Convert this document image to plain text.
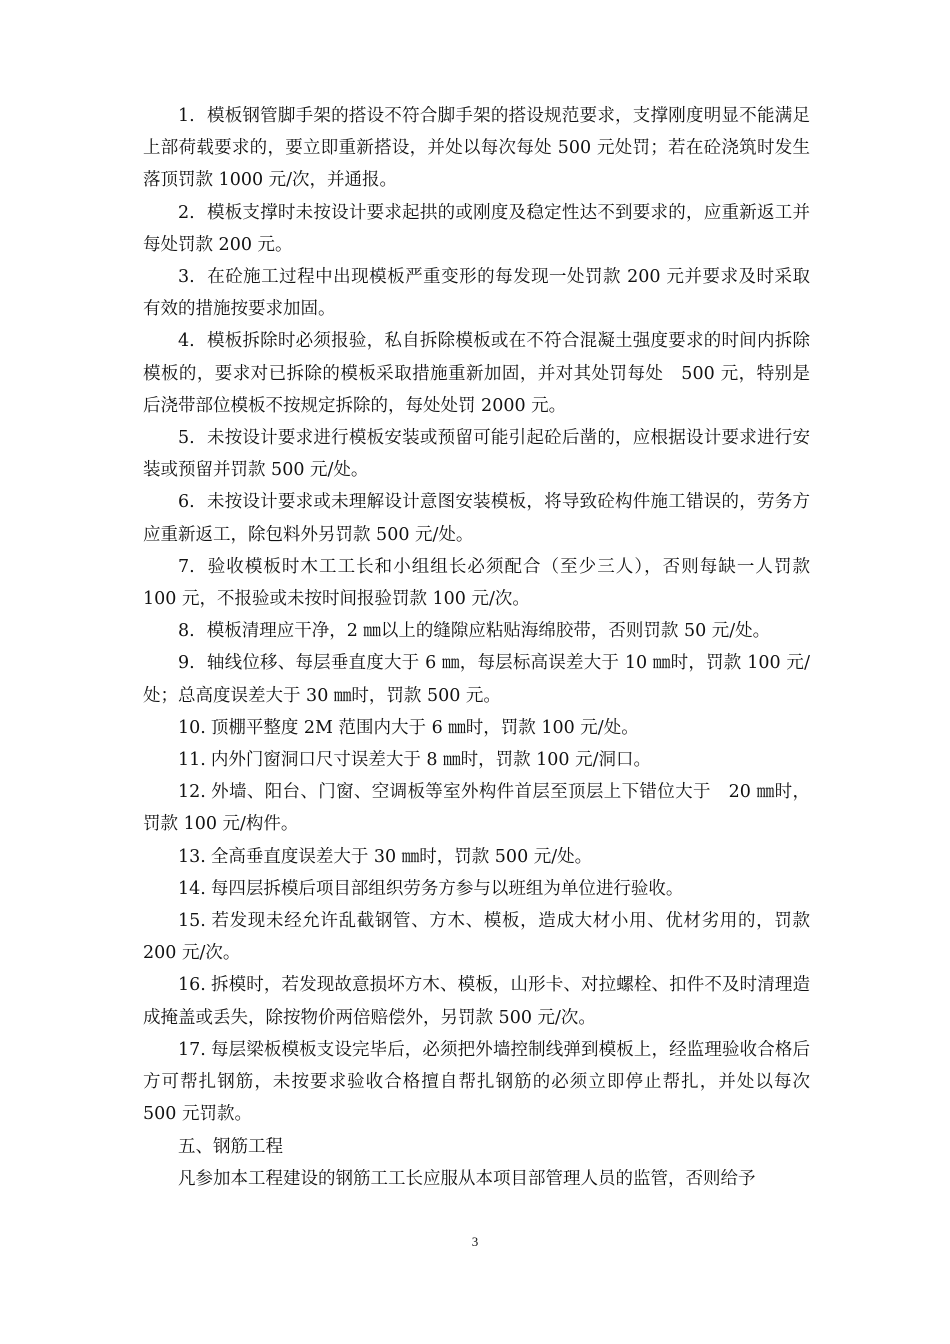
1. 模板钢管脚手架的搭设不符合脚手架的搭设规范要求，支撑刚度明显不能满足上部荷载要求的，要立即重新搭设，并处以每次每处 500 元处罚；若在砼浇筑时发生落顶罚款 1000 元/次，并通报。

2. 模板支撑时未按设计要求起拱的或刚度及稳定性达不到要求的，应重新返工并每处罚款 200 元。

3. 在砼施工过程中出现模板严重变形的每发现一处罚款 200 元并要求及时采取有效的措施按要求加固。

4. 模板拆除时必须报验，私自拆除模板或在不符合混凝土强度要求的时间内拆除模板的，要求对已拆除的模板采取措施重新加固，并对其处罚每处　500 元，特别是后浇带部位模板不按规定拆除的，每处处罚 2000 元。

5. 未按设计要求进行模板安装或预留可能引起砼后凿的，应根据设计要求进行安装或预留并罚款 500 元/处。

6. 未按设计要求或未理解设计意图安装模板，将导致砼构件施工错误的，劳务方应重新返工，除包料外另罚款 500 元/处。

7. 验收模板时木工工长和小组组长必须配合（至少三人），否则每缺一人罚款 100 元，不报验或未按时间报验罚款 100 元/次。

8. 模板清理应干净，2 ㎜以上的缝隙应粘贴海绵胶带，否则罚款 50 元/处。

9. 轴线位移、每层垂直度大于 6 ㎜，每层标高误差大于 10 ㎜时，罚款 100 元/处；总高度误差大于 30 ㎜时，罚款 500 元。

10. 顶棚平整度 2M 范围内大于 6 ㎜时，罚款 100 元/处。

11. 内外门窗洞口尺寸误差大于 8 ㎜时，罚款 100 元/洞口。

12. 外墙、阳台、门窗、空调板等室外构件首层至顶层上下错位大于　20 ㎜时，罚款 100 元/构件。

13. 全高垂直度误差大于 30 ㎜时，罚款 500 元/处。

14. 每四层拆模后项目部组织劳务方参与以班组为单位进行验收。

15. 若发现未经允许乱截钢管、方木、模板，造成大材小用、优材劣用的，罚款 200 元/次。

16. 拆模时，若发现故意损坏方木、模板，山形卡、对拉螺栓、扣件不及时清理造成掩盖或丢失，除按物价两倍赔偿外，另罚款 500 元/次。

17. 每层梁板模板支设完毕后，必须把外墙控制线弹到模板上，经监理验收合格后方可帮扎钢筋，未按要求验收合格擅自帮扎钢筋的必须立即停止帮扎，并处以每次 500 元罚款。

五、钢筋工程

凡参加本工程建设的钢筋工工长应服从本项目部管理人员的监管，否则给予

3
